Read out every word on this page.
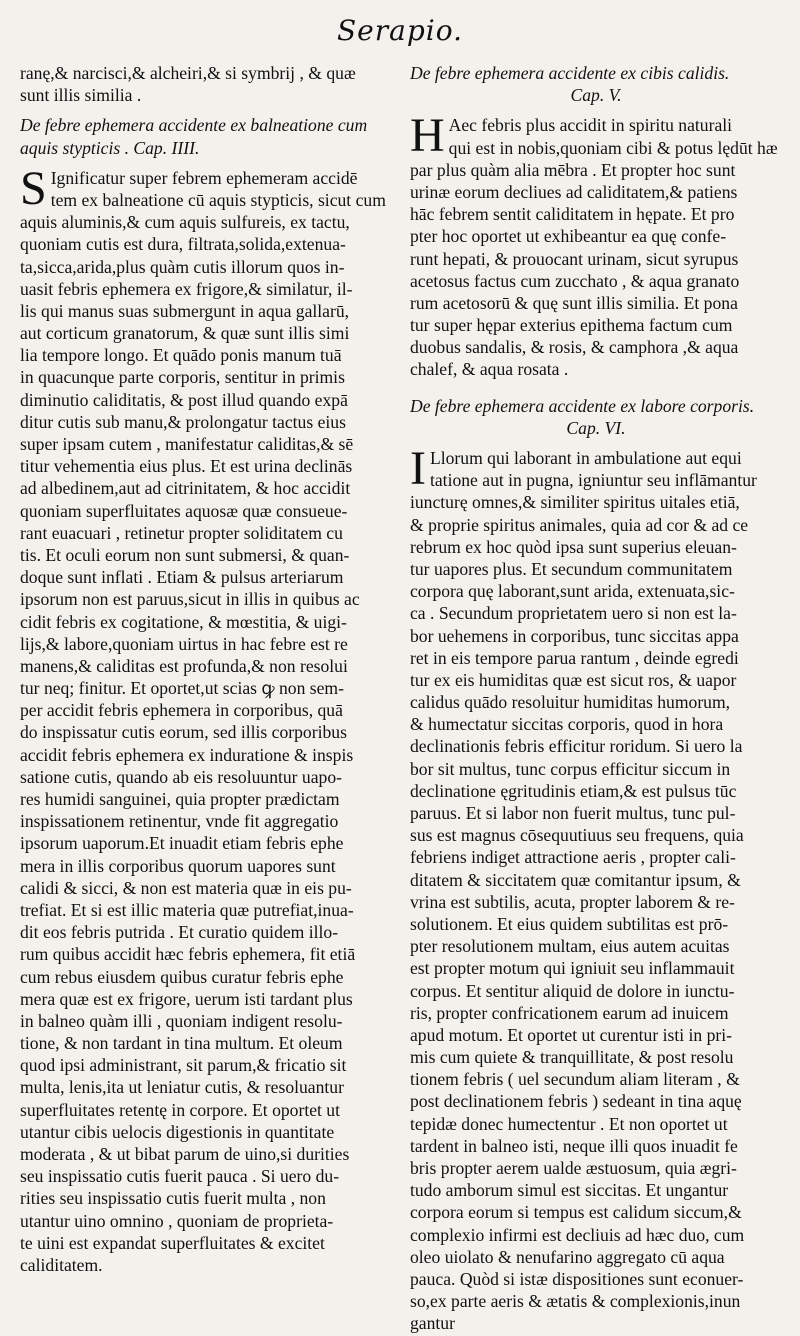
Serapio.
ranę,& narcisci,& alcheiri,& si symbrij , & quæ
sunt illis similia .
De febre ephemera accidente ex balneatione cum
aquis stypticis . Cap. IIII.
S Ignificatur super febrem ephemeram accidē
tem ex balneatione cū aquis stypticis, sicut cum
aquis aluminis,& cum aquis sulfureis, ex tactu,
quoniam cutis est dura, filtrata,solida,extenua-
ta,sicca,arida,plus quàm cutis illorum quos in-
uasit febris ephemera ex frigore,& similatur, il-
lis qui manus suas submergunt in aqua gallarū,
aut corticum granatorum, & quæ sunt illis simi
lia tempore longo. Et quādo ponis manum tuā
in quacunque parte corporis, sentitur in primis
diminutio caliditatis, & post illud quando expā
ditur cutis sub manu,& prolongatur tactus eius
super ipsam cutem , manifestatur caliditas,& sē
titur vehementia eius plus. Et est urina declinās
ad albedinem,aut ad citrinitatem, & hoc accidit
quoniam superfluitates aquosæ quæ consueue-
rant euacuari , retinetur propter soliditatem cu
tis. Et oculi eorum non sunt submersi, & quan-
doque sunt inflati . Etiam & pulsus arteriarum
ipsorum non est paruus,sicut in illis in quibus ac
cidit febris ex cogitatione, & mœstitia, & uigi-
lijs,& labore,quoniam uirtus in hac febre est re
manens,& caliditas est profunda,& non resolui
tur neq; finitur. Et oportet,ut scias ꝙ non sem-
per accidit febris ephemera in corporibus, quā
do inspissatur cutis eorum, sed illis corporibus
accidit febris ephemera ex induratione & inspis
satione cutis, quando ab eis resoluuntur uapo-
res humidi sanguinei, quia propter prædictam
inspissationem retinentur, vnde fit aggregatio
ipsorum uaporum.Et inuadit etiam febris ephe
mera in illis corporibus quorum uapores sunt
calidi & sicci, & non est materia quæ in eis pu-
trefiat. Et si est illic materia quæ putrefiat,inua-
dit eos febris putrida . Et curatio quidem illo-
rum quibus accidit hæc febris ephemera, fit etiā
cum rebus eiusdem quibus curatur febris ephe
mera quæ est ex frigore, uerum isti tardant plus
in balneo quàm illi , quoniam indigent resolu-
tione, & non tardant in tina multum. Et oleum
quod ipsi administrant, sit parum,& fricatio sit
multa, lenis,ita ut leniatur cutis, & resoluantur
superfluitates retentę in corpore. Et oportet ut
utantur cibis uelocis digestionis in quantitate
moderata , & ut bibat parum de uino,si durities
seu inspissatio cutis fuerit pauca . Si uero du-
rities seu inspissatio cutis fuerit multa , non
utantur uino omnino , quoniam de proprieta-
te uini est expandat superfluitates & excitet
caliditatem.
De febre ephemera accidente ex cibis calidis.
Cap. V.
H Aec febris plus accidit in spiritu naturali
qui est in nobis,quoniam cibi & potus lędūt hæ
par plus quàm alia mēbra . Et propter hoc sunt
urinæ eorum decliues ad caliditatem,& patiens
hāc febrem sentit caliditatem in hępate. Et pro
pter hoc oportet ut exhibeantur ea quę confe-
runt hepati, & prouocant urinam, sicut syrupus
acetosus factus cum zucchato , & aqua granato
rum acetosorū & quę sunt illis similia. Et pona
tur super hępar exterius epithema factum cum
duobus sandalis, & rosis, & camphora ,& aqua
chalef, & aqua rosata .
De febre ephemera accidente ex labore corporis.
Cap. VI.
I Llorum qui laborant in ambulatione aut equi
tatione aut in pugna, igniuntur seu inflāmantur
iuncturę omnes,& similiter spiritus uitales etiā,
& proprie spiritus animales, quia ad cor & ad ce
rebrum ex hoc quòd ipsa sunt superius eleuan-
tur uapores plus. Et secundum communitatem
corpora quę laborant,sunt arida, extenuata,sic-
ca . Secundum proprietatem uero si non est la-
bor uehemens in corporibus, tunc siccitas appa
ret in eis tempore parua rantum , deinde egredi
tur ex eis humiditas quæ est sicut ros, & uapor
calidus quādo resoluitur humiditas humorum,
& humectatur siccitas corporis, quod in hora
declinationis febris efficitur roridum. Si uero la
bor sit multus, tunc corpus efficitur siccum in
declinatione ęgritudinis etiam,& est pulsus tūc
paruus. Et si labor non fuerit multus, tunc pul-
sus est magnus cōsequutiuus seu frequens, quia
febriens indiget attractione aeris , propter cali-
ditatem & siccitatem quæ comitantur ipsum, &
vrina est subtilis, acuta, propter laborem & re-
solutionem. Et eius quidem subtilitas est prō-
pter resolutionem multam, eius autem acuitas
est propter motum qui igniuit seu inflammauit
corpus. Et sentitur aliquid de dolore in iunctu-
ris, propter confricationem earum ad inuicem
apud motum. Et oportet ut curentur isti in pri-
mis cum quiete & tranquillitate, & post resolu
tionem febris ( uel secundum aliam literam , &
post declinationem febris ) sedeant in tina aquę
tepidæ donec humectentur . Et non oportet ut
tardent in balneo isti, neque illi quos inuadit fe
bris propter aerem ualde æstuosum, quia ægri-
tudo amborum simul est siccitas. Et ungantur
corpora eorum si tempus est calidum siccum,&
complexio infirmi est decliuis ad hæc duo, cum
oleo uiolato & nenufarino aggregato cū aqua
pauca. Quòd si istæ dispositiones sunt econuer-
so,ex parte aeris & ætatis & complexionis,inun
gantur
